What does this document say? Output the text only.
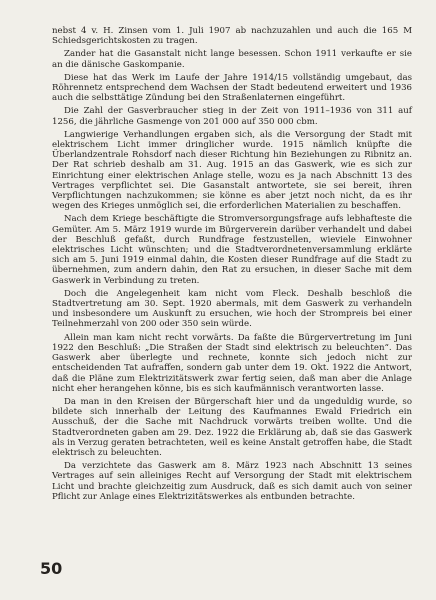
nebst 4 v. H. Zinsen vom 1. Juli 1907 ab nachzuzahlen und auch die 165 M Schiedsgerichtskosten zu tragen.

Zander hat die Gasanstalt nicht lange besessen. Schon 1911 verkaufte er sie an die dänische Gaskompanie.

Diese hat das Werk im Laufe der Jahre 1914/15 vollständig umgebaut, das Röhrennetz entsprechend dem Wachsen der Stadt bedeutend erweitert und 1936 auch die selbsttätige Zündung bei den Straßenlaternen eingeführt.

Die Zahl der Gasverbraucher stieg in der Zeit von 1911–1936 von 311 auf 1256, die jährliche Gasmenge von 201 000 auf 350 000 cbm.

Langwierige Verhandlungen ergaben sich, als die Versorgung der Stadt mit elektrischem Licht immer dringlicher wurde. 1915 nämlich knüpfte die Überlandzentrale Rohsdorf nach dieser Richtung hin Beziehungen zu Ribnitz an. Der Rat schrieb deshalb am 31. Aug. 1915 an das Gaswerk, wie es sich zur Einrichtung einer elektrischen Anlage stelle, wozu es ja nach Abschnitt 13 des Vertrages verpflichtet sei. Die Gasanstalt antwortete, sie sei bereit, ihren Verpflichtungen nachzukommen; sie könne es aber jetzt noch nicht, da es ihr wegen des Krieges unmöglich sei, die erforderlichen Materialien zu beschaffen.

Nach dem Kriege beschäftigte die Stromversorgungsfrage aufs lebhafteste die Gemüter. Am 5. März 1919 wurde im Bürgerverein darüber verhandelt und dabei der Beschluß gefaßt, durch Rundfrage festzustellen, wieviele Einwohner elektrisches Licht wünschten; und die Stadtverordnetenversammlung erklärte sich am 5. Juni 1919 einmal dahin, die Kosten dieser Rundfrage auf die Stadt zu übernehmen, zum andern dahin, den Rat zu ersuchen, in dieser Sache mit dem Gaswerk in Verbindung zu treten.

Doch die Angelegenheit kam nicht vom Fleck. Deshalb beschloß die Stadtvertretung am 30. Sept. 1920 abermals, mit dem Gaswerk zu verhandeln und insbesondere um Auskunft zu ersuchen, wie hoch der Strompreis bei einer Teilnehmerzahl von 200 oder 350 sein würde.

Allein man kam nicht recht vorwärts. Da faßte die Bürgervertretung im Juni 1922 den Beschluß: „Die Straßen der Stadt sind elektrisch zu beleuchten“. Das Gaswerk aber überlegte und rechnete, konnte sich jedoch nicht zur entscheidenden Tat aufraffen, sondern gab unter dem 19. Okt. 1922 die Antwort, daß die Pläne zum Elektrizitätswerk zwar fertig seien, daß man aber die Anlage nicht eher herangehen könne, bis es sich kaufmännisch verantworten lasse.

Da man in den Kreisen der Bürgerschaft hier und da ungeduldig wurde, so bildete sich innerhalb der Leitung des Kaufmannes Ewald Friedrich ein Ausschuß, der die Sache mit Nachdruck vorwärts treiben wollte. Und die Stadtverordneten gaben am 29. Dez. 1922 die Erklärung ab, daß sie das Gaswerk als in Verzug geraten betrachteten, weil es keine Anstalt getroffen habe, die Stadt elektrisch zu beleuchten.

Da verzichtete das Gaswerk am 8. März 1923 nach Abschnitt 13 seines Vertrages auf sein alleiniges Recht auf Versorgung der Stadt mit elektrischem Licht und brachte gleichzeitig zum Ausdruck, daß es sich damit auch von seiner Pflicht zur Anlage eines Elektrizitätswerkes als entbunden betrachte.

50
